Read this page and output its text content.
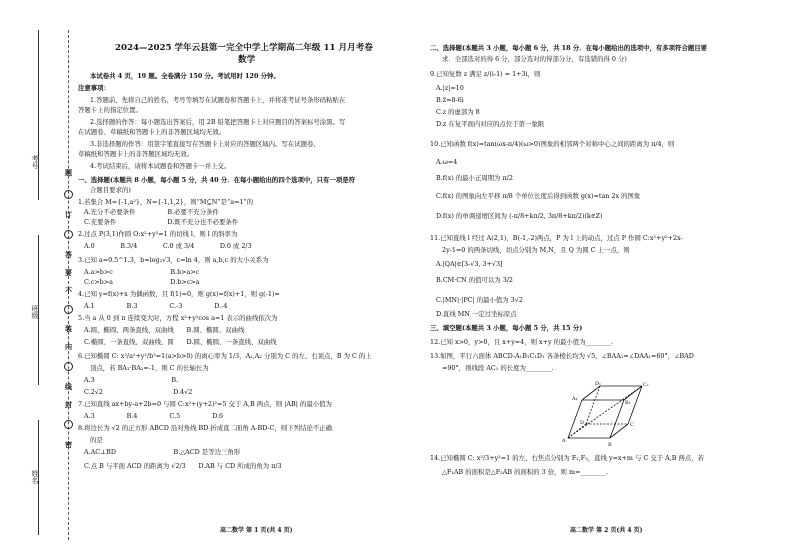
考号
班级
姓名
题
订
答
要
不
装
内
线
封
密
2024—2025 学年云县第一完全中学上学期高二年级 11 月月考卷
数学
本试卷共 4 页，19 题。全卷满分 150 分。考试用时 120 分钟。
注意事项：
1.答题前，先将自己的姓名、考号等填写在试题卷和答题卡上，并将准考证号条形码粘贴在
答题卡上的指定位置。
2.选择题的作答：每小题选出答案后，用 2B 铅笔把答题卡上对应题目的答案标号涂黑。写
在试题卷、草稿纸和答题卡上的非答题区域均无效。
3.非选择题的作答：用签字笔直接写在答题卡上对应的答题区域内。写在试题卷、
草稿纸和答题卡上的非答题区域均无效。
4.考试结束后，请将本试题卷和答题卡一并上交。
一、选择题(本题共 8 小题，每小题 5 分，共 40 分．在每小题给出的四个选项中，只有一项是符
合题目要求的)
1.若集合 M={-1,a²}，N={-1,1,2}，则“M⊆N”是“a=1”的
A.充分不必要条件　　　　　B.必要不充分条件
C.充要条件　　　　　　　　D.既不充分也不必要条件
2.过点 P(3,1)作圆 O:x²+y²=1 的切线 l，则 l 的斜率为
A.0　　　　B.3/4　　　　C.0 或 3/4　　　　D.0 或 2/3
3.已知 a=0.5^1.3，b=log₂√3，c=ln 4，则 a,b,c 的大小关系为
A.a>b>c　　　　　　　　　B.b>a>c
C.c>b>a　　　　　　　　　D.b>c>a
4.已知 y=f(x)+x 为偶函数，且 f(1)=0，则 g(x)=f(x)+1，则 g(-1)=
A.1　　　　　B.3　　　　　C.-3　　　　　D.-4
5.当 a 从 0 到 π 连续变大时，方程 x²+y²cos a=1 表示的曲线依次为
A.圆、椭圆、两条直线、双曲线　　B.圆、椭圆、双曲线
C.椭圆、一条直线、双曲线、圆　　D.圆、椭圆、一条直线、双曲线
6.已知椭圆 C: x²/a²+y²/b²=1(a>b>0) 的离心率为 1/3，A₁,A₂ 分别为 C 的左、右顶点，B 为 C 的上
顶点，若 BA₁·BA₂=-1，则 C 的长轴长为
A.3　　　　　　　　　　　　B.
C.2√2　　　　　　　　　　　D.4√2
7.已知直线 ax+by-a+2b=0 与圆 C:x²+(y+2)²=5 交于 A,B 两点，则 |AB| 的最小值为
A.3　　　　　B.4　　　　　C.5　　　　　D.6
8.将边长为 √2 的正方形 ABCD 沿对角线 BD 折成直二面角 A-BD-C，则下列结论不正确
的是
A.AC⊥BD　　　　　　　　　B.△ACD 是等边三角形
C.点 B 与平面 ACD 的距离为 √2/3　　D.AB 与 CD 所成的角为 π/3
高二数学 第 1 页(共 4 页)
二、选择题(本题共 3 小题，每小题 6 分，共 18 分．在每小题给出的选项中，有多项符合题目要
求．全部选对的得 6 分，部分选对的得部分分，有选错的得 0 分)
9.已知复数 z 满足 z/(i-1) = 1+3i，则
A.|z|=10
B.z̄=8-6i
C.z 的虚部为 8
D.z 在复平面内对应的点位于第一象限
10.已知函数 f(x)=tan(ωx-π/4)(ω>0)图象的相邻两个对称中心之间的距离为 π/4，则
A.ω=4
B.f(x) 的最小正周期为 π/2
C.f(x) 的图象向左平移 π/8 个单位长度后得到函数 g(x)=tan 2x 的图象
D.f(x) 的单调递增区间为 (-π/8+kπ/2, 3π/8+kπ/2)(k∈Z)
11.已知直线 l 经过 A(2,1)，B(-1,-2)两点，P 为 l 上的动点，过点 P 作圆 C:x²+y²+2x-
2y-1=0 的两条切线，切点分别为 M,N，且 Q 为圆 C 上一点，则
A.|QA|∈[3-√3, 3+√3]
B.CM·CN 的值可以为 3/2
C.|MN|·|PC| 的最小值为 3√2
D.直线 MN 一定过坐标原点
三、填空题(本题共 3 小题，每小题 5 分，共 15 分)
12.已知 x>0，y>0，且 x+y=4，则 x+y 的最小值为________.
13.如图，平行六面体 ABCD-A₁B₁C₁D₁ 各条棱长均为 √5，∠BAA₁=∠DAA₁=60°，∠BAD
=90°，则线段 AC₁ 的长度为________.
14.已知椭圆 C: x²/3+y²=1 的左、右焦点分别为 F₁,F₂，直线 y=x+m 与 C 交于 A,B 两点，若
△F₁AB 的面积是△F₂AB 的面积的 3 倍，则 m=________.
D₁	C₁
A₁
B₁
D	C
A
B
高二数学 第 2 页(共 4 页)
